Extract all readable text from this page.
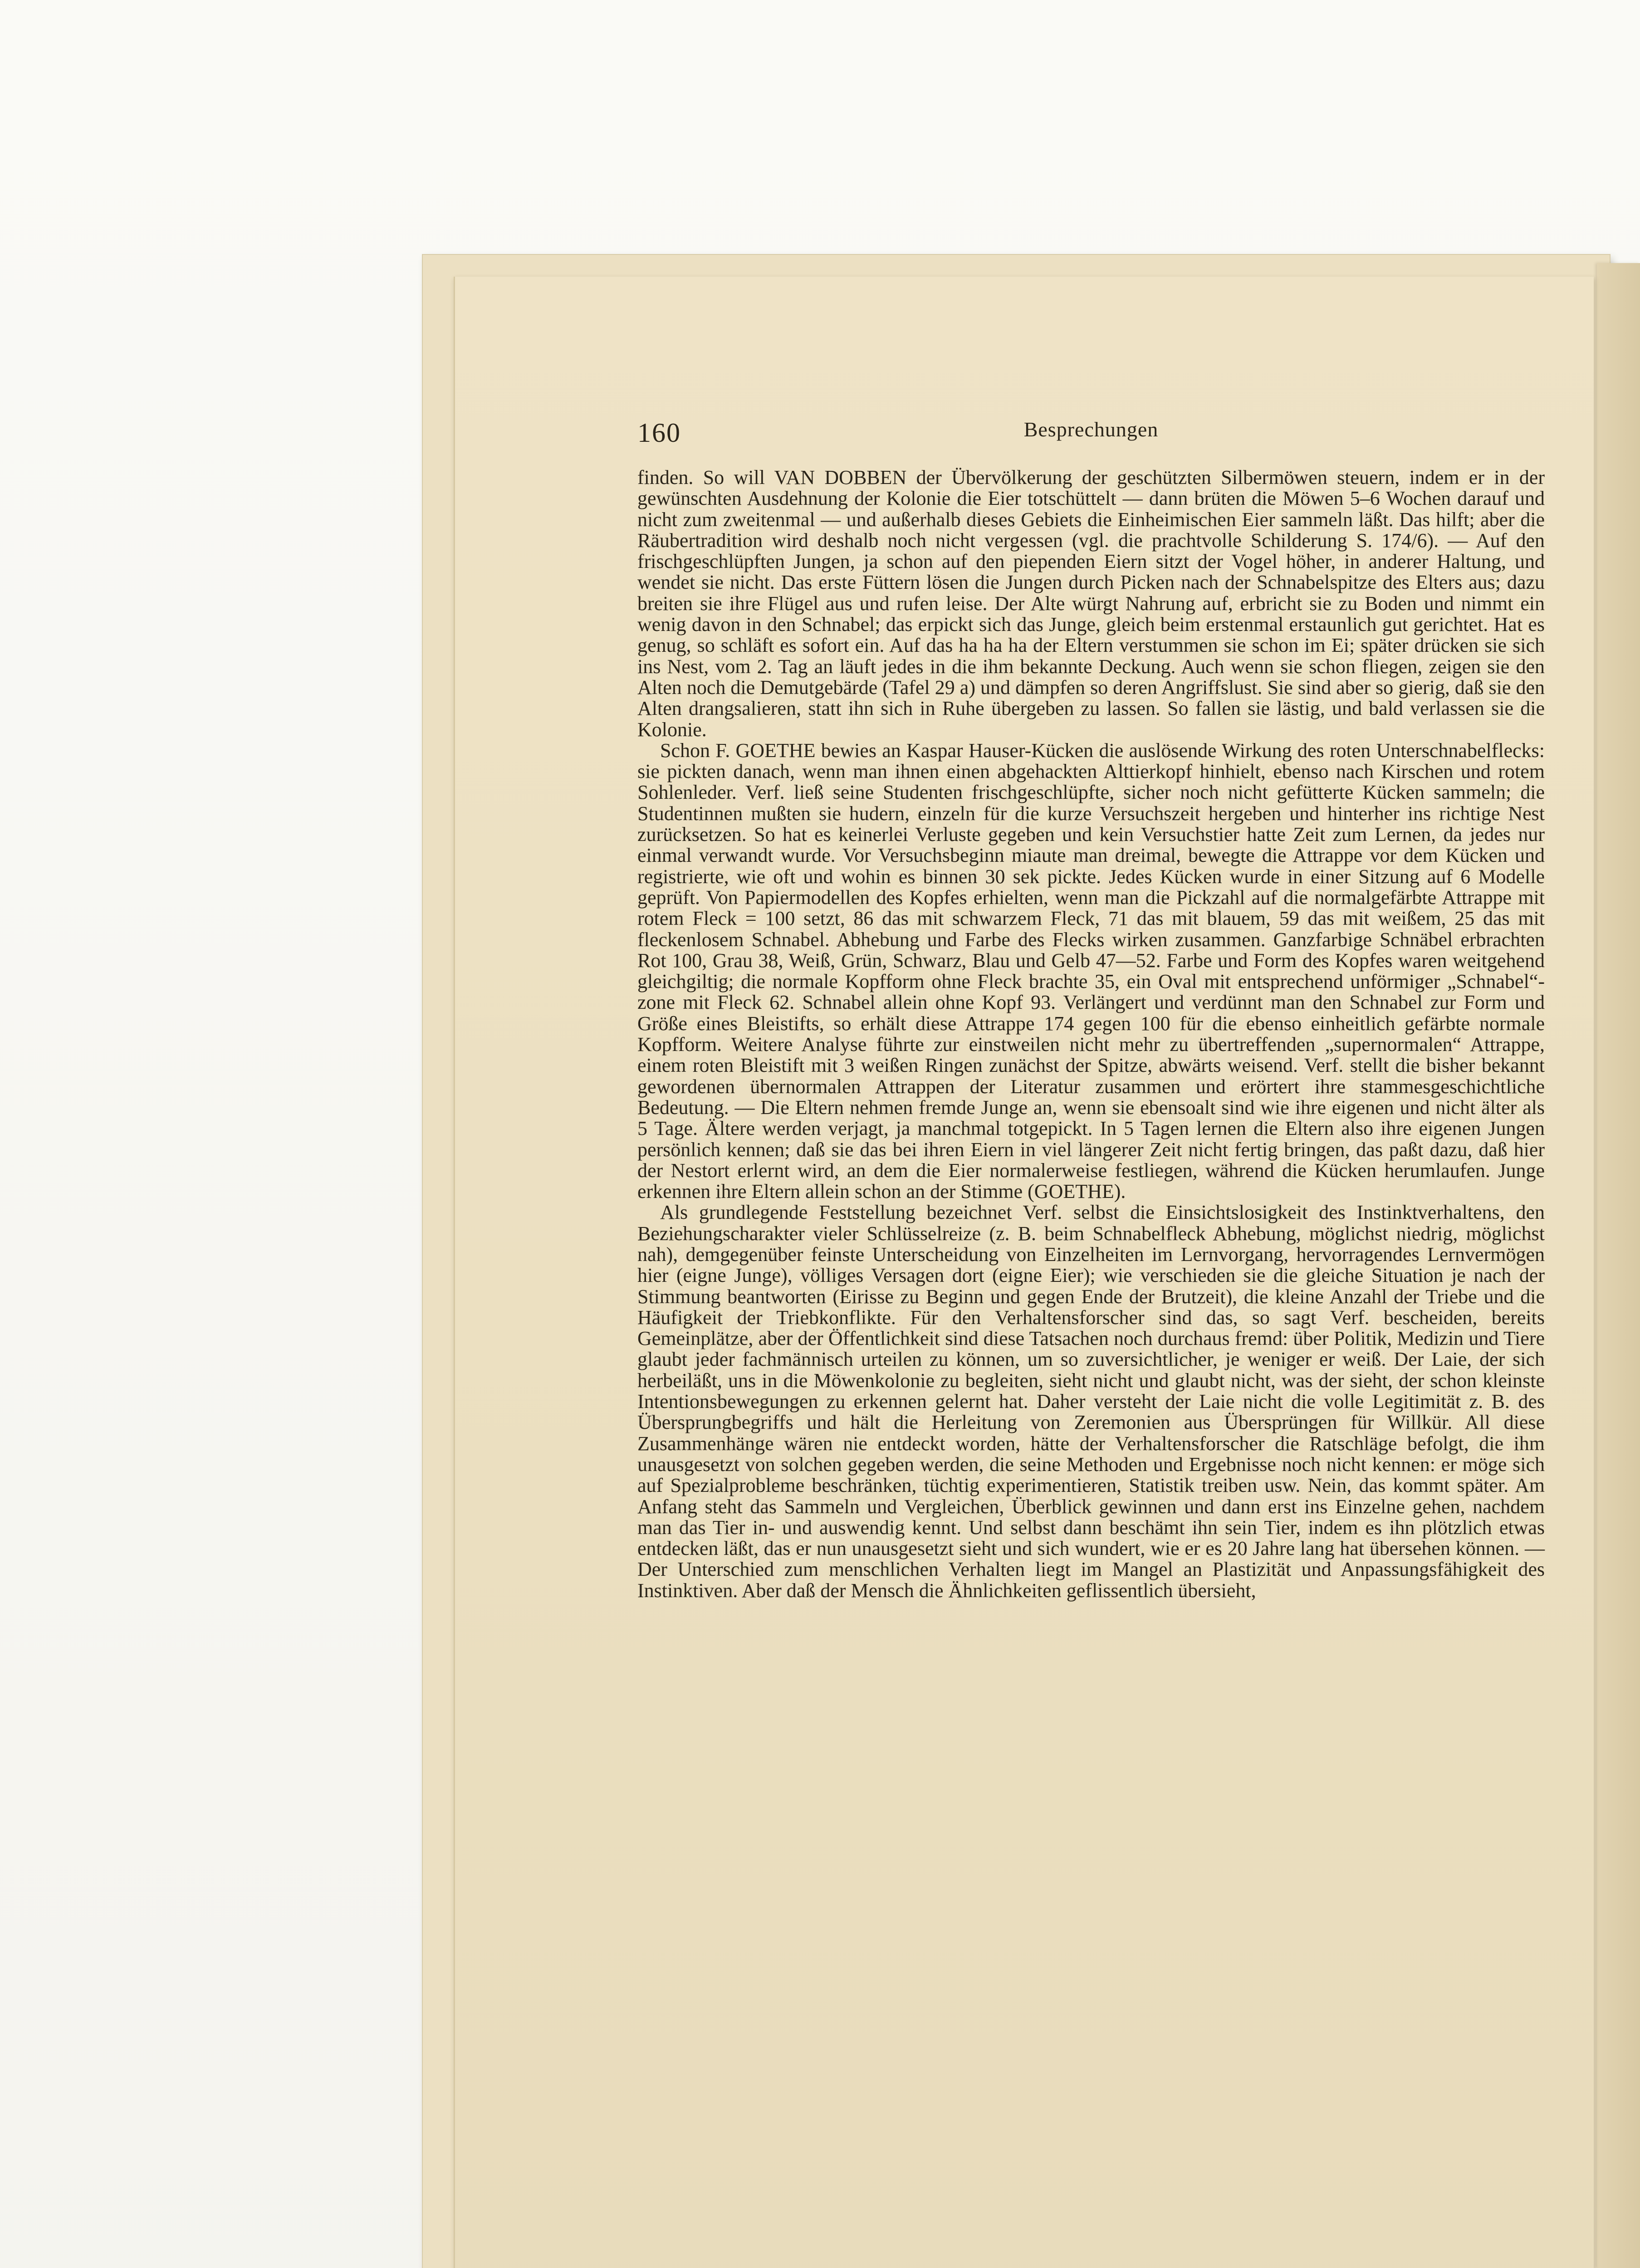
160	Besprechungen

finden. So will VAN DOBBEN der Übervölkerung der geschützten Silbermöwen steuern, indem er in der gewünschten Ausdehnung der Kolonie die Eier totschüttelt — dann brüten die Möwen 5–6 Wochen darauf und nicht zum zweitenmal — und außerhalb dieses Gebiets die Einheimischen Eier sammeln läßt. Das hilft; aber die Räubertradition wird deshalb noch nicht vergessen (vgl. die prachtvolle Schilderung S. 174/6). — Auf den frischgeschlüpften Jungen, ja schon auf den piependen Eiern sitzt der Vogel höher, in anderer Haltung, und wendet sie nicht. Das erste Füttern lösen die Jungen durch Picken nach der Schnabelspitze des Elters aus; dazu breiten sie ihre Flügel aus und rufen leise. Der Alte würgt Nahrung auf, erbricht sie zu Boden und nimmt ein wenig davon in den Schnabel; das erpickt sich das Junge, gleich beim erstenmal erstaunlich gut gerichtet. Hat es genug, so schläft es sofort ein. Auf das ha ha ha der Eltern verstummen sie schon im Ei; später drücken sie sich ins Nest, vom 2. Tag an läuft jedes in die ihm bekannte Deckung. Auch wenn sie schon fliegen, zeigen sie den Alten noch die Demutgebärde (Tafel 29 a) und dämpfen so deren Angriffslust. Sie sind aber so gierig, daß sie den Alten drangsalieren, statt ihn sich in Ruhe übergeben zu lassen. So fallen sie lästig, und bald verlassen sie die Kolonie.

Schon F. GOETHE bewies an Kaspar Hauser-Kücken die auslösende Wirkung des roten Unterschnabelflecks: sie pickten danach, wenn man ihnen einen abgehackten Alttierkopf hinhielt, ebenso nach Kirschen und rotem Sohlenleder. Verf. ließ seine Studenten frischgeschlüpfte, sicher noch nicht gefütterte Kücken sammeln; die Studentinnen mußten sie hudern, einzeln für die kurze Versuchszeit hergeben und hinterher ins richtige Nest zurücksetzen. So hat es keinerlei Verluste gegeben und kein Versuchstier hatte Zeit zum Lernen, da jedes nur einmal verwandt wurde. Vor Versuchsbeginn miaute man dreimal, bewegte die Attrappe vor dem Kücken und registrierte, wie oft und wohin es binnen 30 sek pickte. Jedes Kücken wurde in einer Sitzung auf 6 Modelle geprüft. Von Papiermodellen des Kopfes erhielten, wenn man die Pickzahl auf die normalgefärbte Attrappe mit rotem Fleck = 100 setzt, 86 das mit schwarzem Fleck, 71 das mit blauem, 59 das mit weißem, 25 das mit fleckenlosem Schnabel. Abhebung und Farbe des Flecks wirken zusammen. Ganzfarbige Schnäbel erbrachten Rot 100, Grau 38, Weiß, Grün, Schwarz, Blau und Gelb 47—52. Farbe und Form des Kopfes waren weitgehend gleichgiltig; die normale Kopfform ohne Fleck brachte 35, ein Oval mit entsprechend unförmiger „Schnabel“-zone mit Fleck 62. Schnabel allein ohne Kopf 93. Verlängert und verdünnt man den Schnabel zur Form und Größe eines Bleistifts, so erhält diese Attrappe 174 gegen 100 für die ebenso einheitlich gefärbte normale Kopfform. Weitere Analyse führte zur einstweilen nicht mehr zu übertreffenden „supernormalen“ Attrappe, einem roten Bleistift mit 3 weißen Ringen zunächst der Spitze, abwärts weisend. Verf. stellt die bisher bekannt gewordenen übernormalen Attrappen der Literatur zusammen und erörtert ihre stammesgeschichtliche Bedeutung. — Die Eltern nehmen fremde Junge an, wenn sie ebensoalt sind wie ihre eigenen und nicht älter als 5 Tage. Ältere werden verjagt, ja manchmal totgepickt. In 5 Tagen lernen die Eltern also ihre eigenen Jungen persönlich kennen; daß sie das bei ihren Eiern in viel längerer Zeit nicht fertig bringen, das paßt dazu, daß hier der Nestort erlernt wird, an dem die Eier normalerweise festliegen, während die Kücken herumlaufen. Junge erkennen ihre Eltern allein schon an der Stimme (GOETHE).

Als grundlegende Feststellung bezeichnet Verf. selbst die Einsichtslosigkeit des Instinktverhaltens, den Beziehungscharakter vieler Schlüsselreize (z. B. beim Schnabelfleck Abhebung, möglichst niedrig, möglichst nah), demgegenüber feinste Unterscheidung von Einzelheiten im Lernvorgang, hervorragendes Lernvermögen hier (eigne Junge), völliges Versagen dort (eigne Eier); wie verschieden sie die gleiche Situation je nach der Stimmung beantworten (Eirisse zu Beginn und gegen Ende der Brutzeit), die kleine Anzahl der Triebe und die Häufigkeit der Triebkonflikte. Für den Verhaltensforscher sind das, so sagt Verf. bescheiden, bereits Gemeinplätze, aber der Öffentlichkeit sind diese Tatsachen noch durchaus fremd: über Politik, Medizin und Tiere glaubt jeder fachmännisch urteilen zu können, um so zuversichtlicher, je weniger er weiß. Der Laie, der sich herbeiläßt, uns in die Möwenkolonie zu begleiten, sieht nicht und glaubt nicht, was der sieht, der schon kleinste Intentionsbewegungen zu erkennen gelernt hat. Daher versteht der Laie nicht die volle Legitimität z. B. des Übersprungbegriffs und hält die Herleitung von Zeremonien aus Übersprüngen für Willkür. All diese Zusammenhänge wären nie entdeckt worden, hätte der Verhaltensforscher die Ratschläge befolgt, die ihm unausgesetzt von solchen gegeben werden, die seine Methoden und Ergebnisse noch nicht kennen: er möge sich auf Spezialprobleme beschränken, tüchtig experimentieren, Statistik treiben usw. Nein, das kommt später. Am Anfang steht das Sammeln und Vergleichen, Überblick gewinnen und dann erst ins Einzelne gehen, nachdem man das Tier in- und auswendig kennt. Und selbst dann beschämt ihn sein Tier, indem es ihn plötzlich etwas entdecken läßt, das er nun unausgesetzt sieht und sich wundert, wie er es 20 Jahre lang hat übersehen können. — Der Unterschied zum menschlichen Verhalten liegt im Mangel an Plastizität und Anpassungsfähigkeit des Instinktiven. Aber daß der Mensch die Ähnlichkeiten geflissentlich übersieht,
